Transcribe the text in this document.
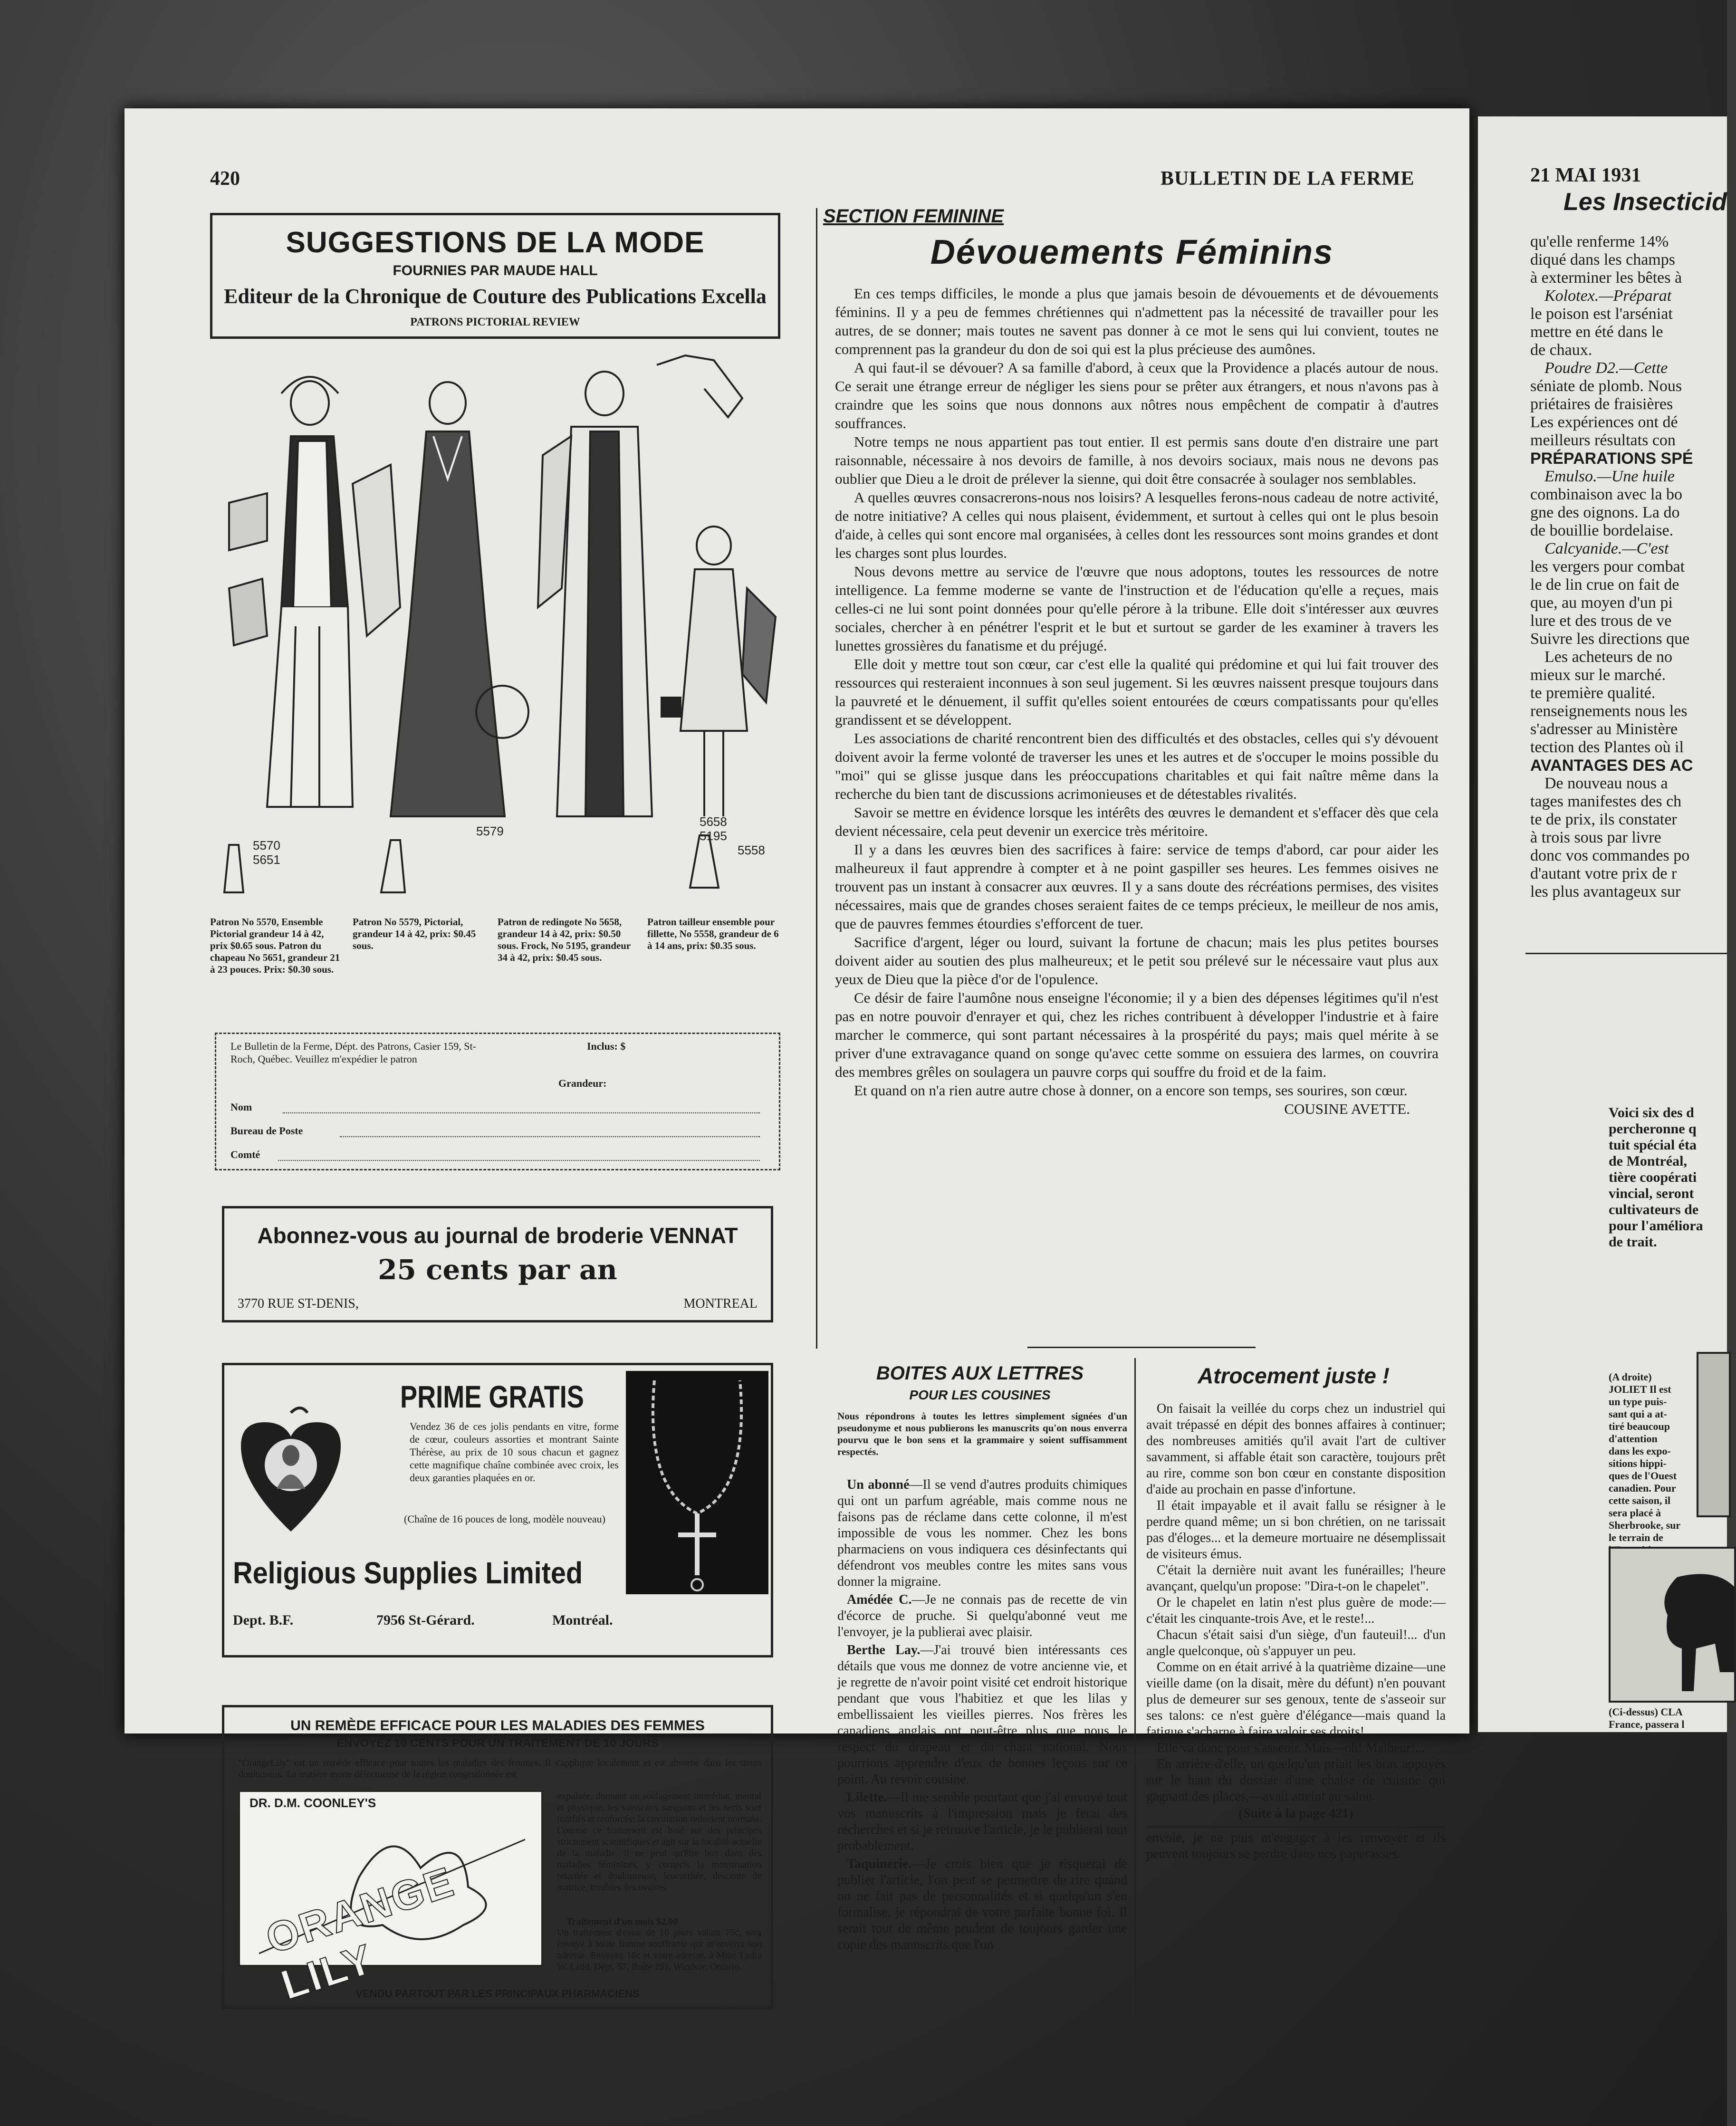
420	BULLETIN DE LA FERME
SUGGESTIONS DE LA MODE
FOURNIES PAR MAUDE HALL
Editeur de la Chronique de Couture des Publications Excella
PATRONS PICTORIAL REVIEW
5570
5651
5579
5658
5195
5558
Patron No 5570, Ensemble Pictorial grandeur 14 à 42, prix $0.65 sous. Patron du chapeau No 5651, grandeur 21 à 23 pouces. Prix: $0.30 sous.
Patron No 5579, Pictorial, grandeur 14 à 42, prix: $0.45 sous.
Patron de redingote No 5658, grandeur 14 à 42, prix: $0.50 sous. Frock, No 5195, grandeur 34 à 42, prix: $0.45 sous.
Patron tailleur ensemble pour fillette, No 5558, grandeur de 6 à 14 ans, prix: $0.35 sous.
Le Bulletin de la Ferme, Dépt. des Patrons, Casier 159, St-Roch, Québec. Veuillez m'expédier le patron
Inclus: $
Grandeur:
Nom
Bureau de Poste
Comté
Abonnez-vous au journal de broderie VENNAT
25 cents par an
3770 RUE ST-DENIS,	MONTREAL
PRIME GRATIS
Vendez 36 de ces jolis pendants en vitre, forme de cœur, couleurs assorties et montrant Sainte Thérèse, au prix de 10 sous chacun et gagnez cette magnifique chaîne combinée avec croix, les deux garanties plaquées en or.
(Chaîne de 16 pouces de long, modèle nouveau)
Religious Supplies Limited
Dept. B.F.	7956 St-Gérard.	Montréal.
UN REMÈDE EFFICACE POUR LES MALADIES DES FEMMES
ENVOYEZ 10 CENTS POUR UN TRAITEMENT DE 10 JOURS
"OrangeLily" est un remède efficace pour toutes les maladies des femmes. Il s'applique localement et est absorbé dans les tissus douloureux. La matière morte défectueuse de la région congestionnée est
DR. D.M. COONLEY'S
ORANGE LILY
expulsée, donnant un soulagement immédiat, mental et physique; les vaisseaux sanguins et les nerfs sont tonifiés et renforcés; la circulation redevient normale. Comme ce traitement est basé sur des principes strictement scientifiques et agit sur la localité actuelle de la maladie, il ne peut qu'être bon dans des maladies féminines, y compris la menstruation retardée et douloureuse, leucorrhée, descente de matrice, troubles des ovaires.
Traitement d'un mois $2.00
Un traitement d'essai de 10 jours valant 75c, sera envoyé à toute femme souffrante qui m'enverra son adresse. Envoyez 10c et votre adresse, à Mme Lydia W. Ladd, Dépt. 57, Boîte 191, Windsor, Ontario.
VENDU PARTOUT PAR LES PRINCIPAUX PHARMACIENS
SECTION FEMININE
Dévouements Féminins

En ces temps difficiles, le monde a plus que jamais besoin de dévouements et de dévouements féminins. Il y a peu de femmes chrétiennes qui n'admettent pas la nécessité de travailler pour les autres, de se donner; mais toutes ne savent pas donner à ce mot le sens qui lui convient, toutes ne comprennent pas la grandeur du don de soi qui est la plus précieuse des aumônes.

A qui faut-il se dévouer? A sa famille d'abord, à ceux que la Providence a placés autour de nous. Ce serait une étrange erreur de négliger les siens pour se prêter aux étrangers, et nous n'avons pas à craindre que les soins que nous donnons aux nôtres nous empêchent de compatir à d'autres souffrances.

Notre temps ne nous appartient pas tout entier. Il est permis sans doute d'en distraire une part raisonnable, nécessaire à nos devoirs de famille, à nos devoirs sociaux, mais nous ne devons pas oublier que Dieu a le droit de prélever la sienne, qui doit être consacrée à soulager nos semblables.

A quelles œuvres consacrerons-nous nos loisirs? A lesquelles ferons-nous cadeau de notre activité, de notre initiative? A celles qui nous plaisent, évidemment, et surtout à celles qui ont le plus besoin d'aide, à celles qui sont encore mal organisées, à celles dont les ressources sont moins grandes et dont les charges sont plus lourdes.

Nous devons mettre au service de l'œuvre que nous adoptons, toutes les ressources de notre intelligence. La femme moderne se vante de l'instruction et de l'éducation qu'elle a reçues, mais celles-ci ne lui sont point données pour qu'elle pérore à la tribune. Elle doit s'intéresser aux œuvres sociales, chercher à en pénétrer l'esprit et le but et surtout se garder de les examiner à travers les lunettes grossières du fanatisme et du préjugé.

Elle doit y mettre tout son cœur, car c'est elle la qualité qui prédomine et qui lui fait trouver des ressources qui resteraient inconnues à son seul jugement. Si les œuvres naissent presque toujours dans la pauvreté et le dénuement, il suffit qu'elles soient entourées de cœurs compatissants pour qu'elles grandissent et se développent.

Les associations de charité rencontrent bien des difficultés et des obstacles, celles qui s'y dévouent doivent avoir la ferme volonté de traverser les unes et les autres et de s'occuper le moins possible du "moi" qui se glisse jusque dans les préoccupations charitables et qui fait naître même dans la recherche du bien tant de discussions acrimonieuses et de détestables rivalités.

Savoir se mettre en évidence lorsque les intérêts des œuvres le demandent et s'effacer dès que cela devient nécessaire, cela peut devenir un exercice très méritoire.

Il y a dans les œuvres bien des sacrifices à faire: service de temps d'abord, car pour aider les malheureux il faut apprendre à compter et à ne point gaspiller ses heures. Les femmes oisives ne trouvent pas un instant à consacrer aux œuvres. Il y a sans doute des récréations permises, des visites nécessaires, mais que de grandes choses seraient faites de ce temps précieux, le meilleur de nos amis, que de pauvres femmes étourdies s'efforcent de tuer.

Sacrifice d'argent, léger ou lourd, suivant la fortune de chacun; mais les plus petites bourses doivent aider au soutien des plus malheureux; et le petit sou prélevé sur le nécessaire vaut plus aux yeux de Dieu que la pièce d'or de l'opulence.

Ce désir de faire l'aumône nous enseigne l'économie; il y a bien des dépenses légitimes qu'il n'est pas en notre pouvoir d'enrayer et qui, chez les riches contribuent à développer l'industrie et à faire marcher le commerce, qui sont partant nécessaires à la prospérité du pays; mais quel mérite à se priver d'une extravagance quand on songe qu'avec cette somme on essuiera des larmes, on couvrira des membres grêles on soulagera un pauvre corps qui souffre du froid et de la faim.

Et quand on n'a rien autre autre chose à donner, on a encore son temps, ses sourires, son cœur.

COUSINE AVETTE.
BOITES AUX LETTRES
POUR LES COUSINES
Nous répondrons à toutes les lettres simplement signées d'un pseudonyme et nous publierons les manuscrits qu'on nous enverra pourvu que le bon sens et la grammaire y soient suffisamment respectés.

Un abonné—Il se vend d'autres produits chimiques qui ont un parfum agréable, mais comme nous ne faisons pas de réclame dans cette colonne, il m'est impossible de vous les nommer. Chez les bons pharmaciens on vous indiquera ces désinfectants qui défendront vos meubles contre les mites sans vous donner la migraine.

Amédée C.—Je ne connais pas de recette de vin d'écorce de pruche. Si quelqu'abonné veut me l'envoyer, je la publierai avec plaisir.

Berthe Lay.—J'ai trouvé bien intéressants ces détails que vous me donnez de votre ancienne vie, et je regrette de n'avoir point visité cet endroit historique pendant que vous l'habitiez et que les lilas y embellissaient les vieilles pierres. Nos frères les canadiens anglais ont peut-être plus que nous le respect du drapeau et du chant national. Nous pourrions apprendre d'eux de bonnes leçons sur ce point. Au revoir cousine.

Lilette.—Il me semble pourtant que j'ai envoyé tout vos manuscrits à l'impression mais je ferai des recherches et si je retrouve l'article, je le publierai tout probablement.

Taquinerie.—Je crois bien que je risquerai de publier l'article, l'on peut se permettre de rire quand on ne fait pas de personnalités et si quelqu'un s'en formalise, je répondrai de votre parfaite bonne foi. Il serait tout de même prudent de toujours garder une copie des manuscrits que l'on

Atrocement juste !

On faisait la veillée du corps chez un industriel qui avait trépassé en dépit des bonnes affaires à continuer; des nombreuses amitiés qu'il avait l'art de cultiver savamment, si affable était son caractère, toujours prêt au rire, comme son bon cœur en constante disposition d'aide au prochain en passe d'infortune.

Il était impayable et il avait fallu se résigner à le perdre quand même; un si bon chrétien, on ne tarissait pas d'éloges... et la demeure mortuaire ne désemplissait de visiteurs émus.

C'était la dernière nuit avant les funérailles; l'heure avançant, quelqu'un propose: "Dira-t-on le chapelet".

Or le chapelet en latin n'est plus guère de mode:—c'était les cinquante-trois Ave, et le reste!...

Chacun s'était saisi d'un siège, d'un fauteuil!... d'un angle quelconque, où s'appuyer un peu.

Comme on en était arrivé à la quatrième dizaine—une vieille dame (on la disait, mère du défunt) n'en pouvant plus de demeurer sur ses genoux, tente de s'asseoir sur ses talons: ce n'est guère d'élégance—mais quand la fatigue s'acharne à faire valoir ses droits!...

Elle va donc pour s'asseoir. Mais—oh! Malheur!...

En arrière d'elle, un quelqu'un priait les bras appuyés sur le haut du dossier d'une chaise de cuisine qui gagnant des places,—avait atteint au salon.

(Suite à la page 421)

envoie, je ne puis m'engager à les renvoyer et ils peuvent toujours se perdre dans nos paperasses.

21 MAI 1931
Les Insecticid
qu'elle renferme 14%
diqué dans les champs
à exterminer les bêtes à
Kolotex.—Préparat
le poison est l'arséniat
mettre en été dans le
de chaux.
Poudre D2.—Cette
séniate de plomb. Nous
priétaires de fraisières
Les expériences ont dé
meilleurs résultats con
PRÉPARATIONS SPÉ
Emulso.—Une huile
combinaison avec la bo
gne des oignons. La do
de bouillie bordelaise.
Calcyanide.—C'est
les vergers pour combat
le de lin crue on fait de
que, au moyen d'un pi
lure et des trous de ve
Suivre les directions que
Les acheteurs de no
mieux sur le marché.
te première qualité.
renseignements nous les
s'adresser au Ministère
tection des Plantes où il
AVANTAGES DES AC
De nouveau nous a
tages manifestes des ch
te de prix, ils constater
à trois sous par livre
donc vos commandes po
d'autant votre prix de r
les plus avantageux sur
Voici six des d
percheronne q
tuit spécial éta
de Montréal,
tière coopérati
vincial, seront
cultivateurs de
pour l'améliora
de trait.
(A droite)
JOLIET Il est
un type puis-
sant qui a at-
tiré beaucoup
d'attention
dans les expo-
sitions hippi-
ques de l'Ouest
canadien. Pour
cette saison, il
sera placé à
Sherbrooke, sur
le terrain de
(Ci-dessus) CLA
France, passera l
